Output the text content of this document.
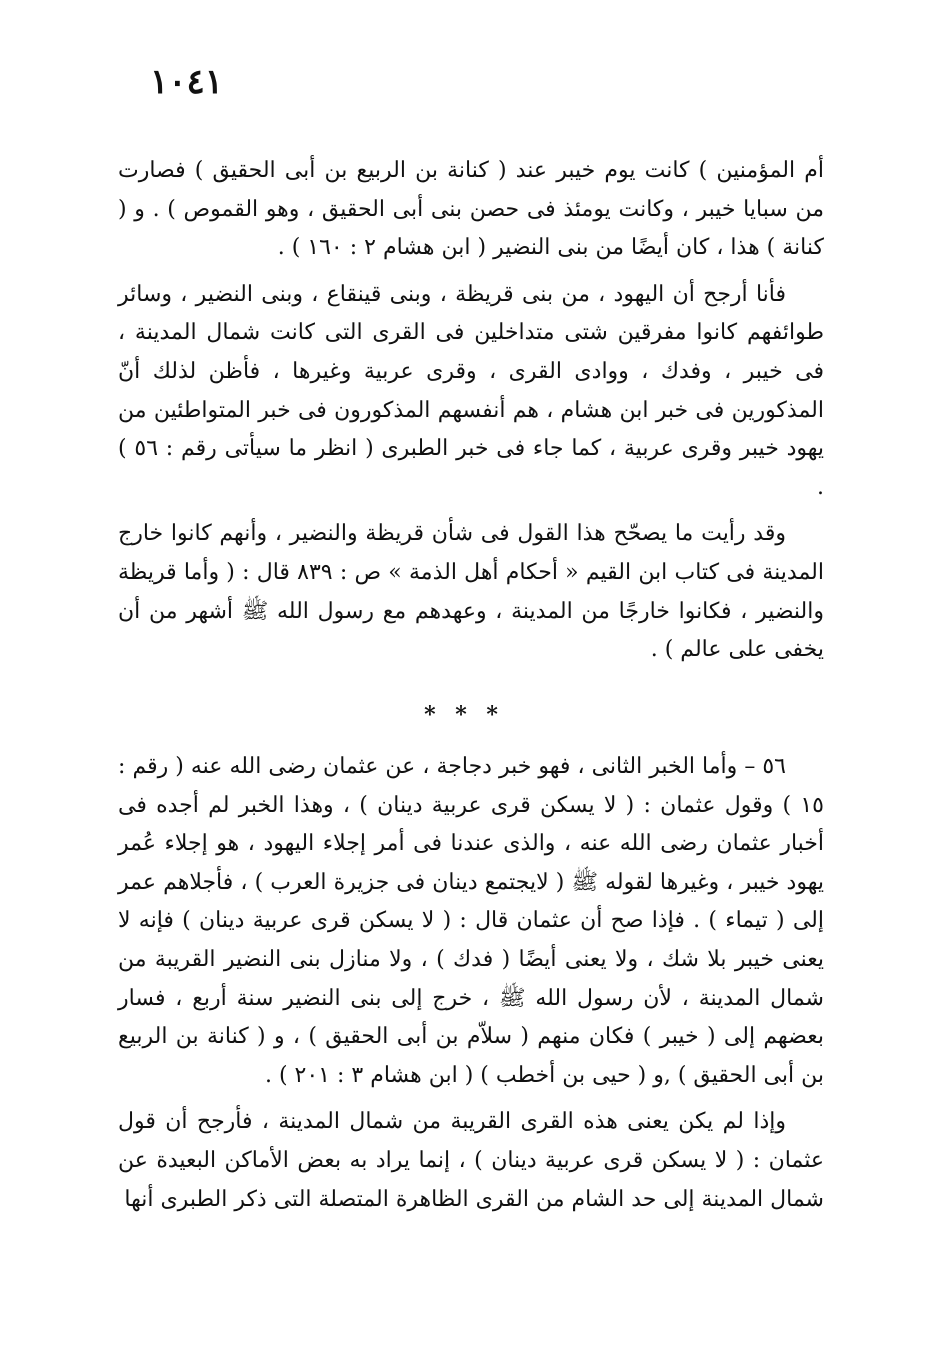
١٠٤١

أم المؤمنين ) كانت يوم خيبر عند ( كنانة بن الربيع بن أبى الحقيق ) فصارت من سبايا خيبر ، وكانت يومئذ فى حصن بنى أبى الحقيق ، وهو القموص ) . و ( كنانة ) هذا ، كان أيضًا من بنى النضير ( ابن هشام ٢ : ١٦٠ ) .

فأنا أرجح أن اليهود ، من بنى قريظة ، وبنى قينقاع ، وبنى النضير ، وسائر طوائفهم كانوا مفرقين شتى متداخلين فى القرى التى كانت شمال المدينة ، فى خيبر ، وفدك ، ووادى القرى ، وقرى عربية وغيرها ، فأظن لذلك أنّ المذكورين فى خبر ابن هشام ، هم أنفسهم المذكورون فى خبر المتواطئين من يهود خيبر وقرى عربية ، كما جاء فى خبر الطبرى ( انظر ما سيأتى رقم : ٥٦ ) .

وقد رأيت ما يصحّح هذا القول فى شأن قريظة والنضير ، وأنهم كانوا خارج المدينة فى كتاب ابن القيم « أحكام أهل الذمة » ص : ٨٣٩ قال : ( وأما قريظة والنضير ، فكانوا خارجًا من المدينة ، وعهدهم مع رسول الله ﷺ أشهر من أن يخفى على عالم ) .

* * *

٥٦ – وأما الخبر الثانى ، فهو خبر دجاجة ، عن عثمان رضى الله عنه ( رقم : ١٥ ) وقول عثمان : ( لا يسكن قرى عربية دينان ) ، وهذا الخبر لم أجده فى أخبار عثمان رضى الله عنه ، والذى عندنا فى أمر إجلاء اليهود ، هو إجلاء عُمر يهود خيبر ، وغيرها لقوله ﷺ ( لايجتمع دينان فى جزيرة العرب ) ، فأجلاهم عمر إلى ( تيماء ) . فإذا صح أن عثمان قال : ( لا يسكن قرى عربية دينان ) فإنه لا يعنى خيبر بلا شك ، ولا يعنى أيضًا ( فدك ) ، ولا منازل بنى النضير القريبة من شمال المدينة ، لأن رسول الله ﷺ ، خرج إلى بنى النضير سنة أربع ، فسار بعضهم إلى ( خيبر ) فكان منهم ( سلاّم بن أبى الحقيق ) ، و ( كنانة بن الربيع بن أبى الحقيق ) ,و ( حيى بن أخطب ) ( ابن هشام ٣ : ٢٠١ ) .

وإذا لم يكن يعنى هذه القرى القريبة من شمال المدينة ، فأرجح أن قول عثمان : ( لا يسكن قرى عربية دينان ) ، إنما يراد به بعض الأماكن البعيدة عن شمال المدينة إلى حد الشام من القرى الظاهرة المتصلة التى ذكر الطبرى أنها
